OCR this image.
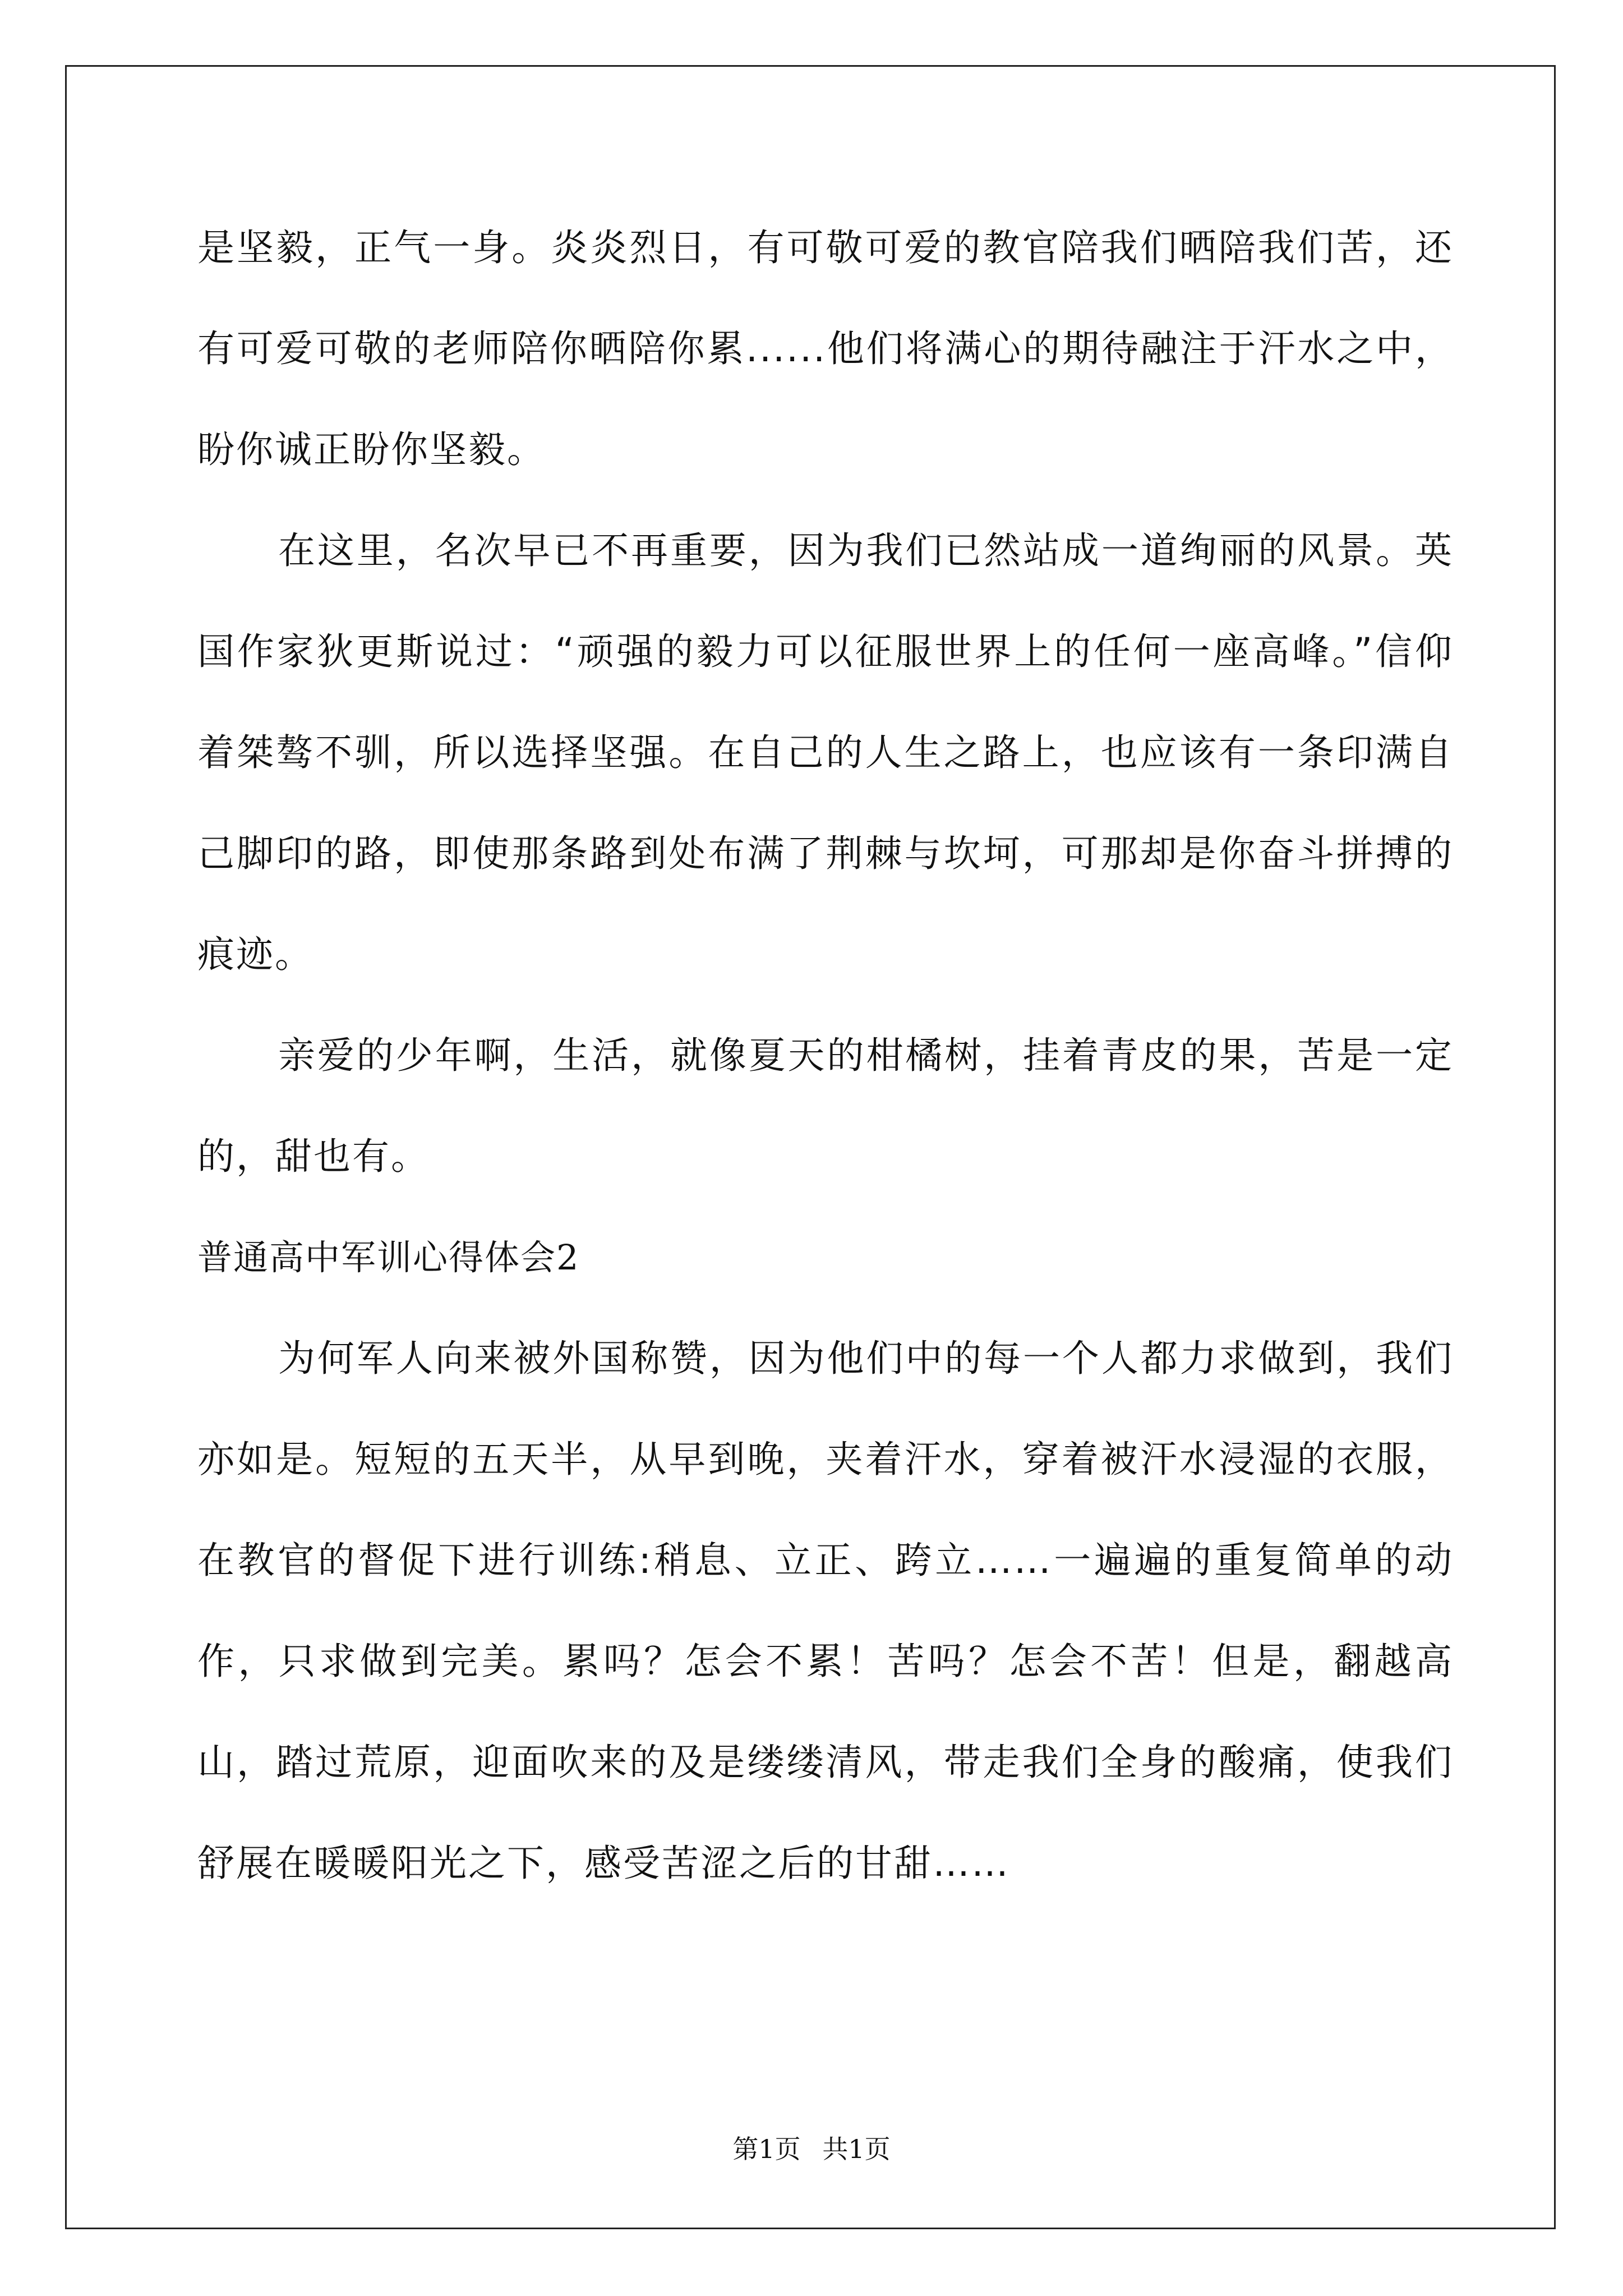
是坚毅，正气一身。炎炎烈日，有可敬可爱的教官陪我们晒陪我们苦，还有可爱可敬的老师陪你晒陪你累......他们将满心的期待融注于汗水之中，盼你诚正盼你坚毅。

在这里，名次早已不再重要，因为我们已然站成一道绚丽的风景。英国作家狄更斯说过：“顽强的毅力可以征服世界上的任何一座高峰。”信仰着桀骜不驯，所以选择坚强。在自己的人生之路上，也应该有一条印满自己脚印的路，即使那条路到处布满了荆棘与坎坷，可那却是你奋斗拼搏的痕迹。

亲爱的少年啊，生活，就像夏天的柑橘树，挂着青皮的果，苦是一定的，甜也有。

普通高中军训心得体会2

为何军人向来被外国称赞，因为他们中的每一个人都力求做到，我们亦如是。短短的五天半，从早到晚，夹着汗水，穿着被汗水浸湿的衣服，在教官的督促下进行训练:稍息、立正、跨立……一遍遍的重复简单的动作，只求做到完美。累吗？怎会不累！苦吗？怎会不苦！但是，翻越高山，踏过荒原，迎面吹来的及是缕缕清风，带走我们全身的酸痛，使我们舒展在暖暖阳光之下，感受苦涩之后的甘甜……

第1页 共1页
